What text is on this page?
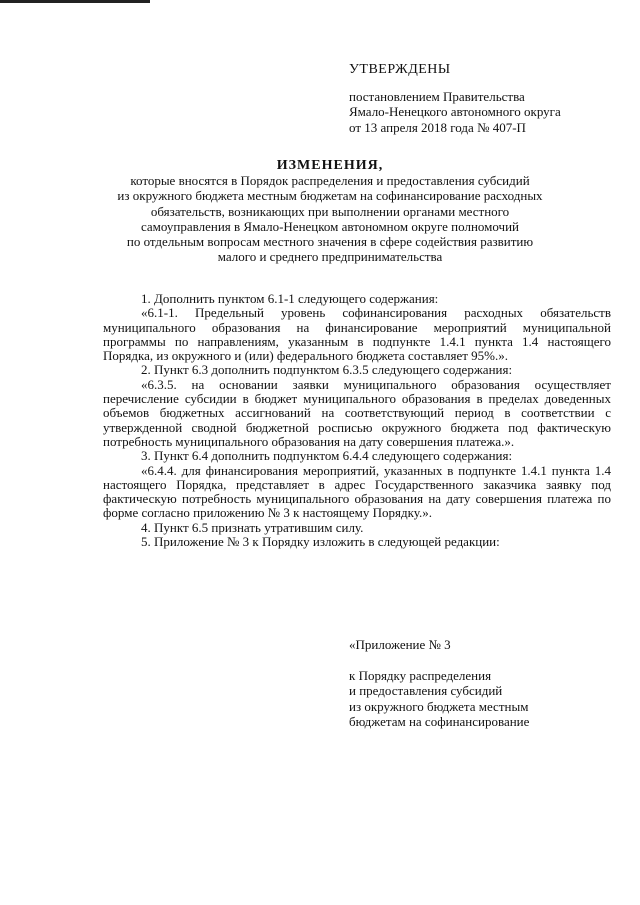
УТВЕРЖДЕНЫ
постановлением Правительства
Ямало-Ненецкого автономного округа
от 13 апреля 2018 года № 407-П
ИЗМЕНЕНИЯ,
которые вносятся в Порядок распределения и предоставления субсидий
из окружного бюджета местным бюджетам на софинансирование расходных
обязательств, возникающих при выполнении органами местного
самоуправления в Ямало-Ненецком автономном округе полномочий
по отдельным вопросам местного значения в сфере содействия развитию
малого и среднего предпринимательства

1. Дополнить пунктом 6.1-1 следующего содержания:

«6.1-1. Предельный уровень софинансирования расходных обязательств муниципального образования на финансирование мероприятий муниципальной программы по направлениям, указанным в подпункте 1.4.1 пункта 1.4 настоящего Порядка, из окружного и (или) федерального бюджета составляет 95%.».

2. Пункт 6.3 дополнить подпунктом 6.3.5 следующего содержания:

«6.3.5. на основании заявки муниципального образования осуществляет перечисление субсидии в бюджет муниципального образования в пределах доведенных объемов бюджетных ассигнований на соответствующий период в соответствии с утвержденной сводной бюджетной росписью окружного бюджета под фактическую потребность муниципального образования на дату совершения платежа.».

3. Пункт 6.4 дополнить подпунктом 6.4.4 следующего содержания:

«6.4.4. для финансирования мероприятий, указанных в подпункте 1.4.1 пункта 1.4 настоящего Порядка, представляет в адрес Государственного заказчика заявку под фактическую потребность муниципального образования на дату совершения платежа по форме согласно приложению № 3 к настоящему Порядку.».

4. Пункт 6.5 признать утратившим силу.

5. Приложение № 3 к Порядку изложить в следующей редакции:

«Приложение № 3
к Порядку распределения
и предоставления субсидий
из окружного бюджета местным
бюджетам на софинансирование
